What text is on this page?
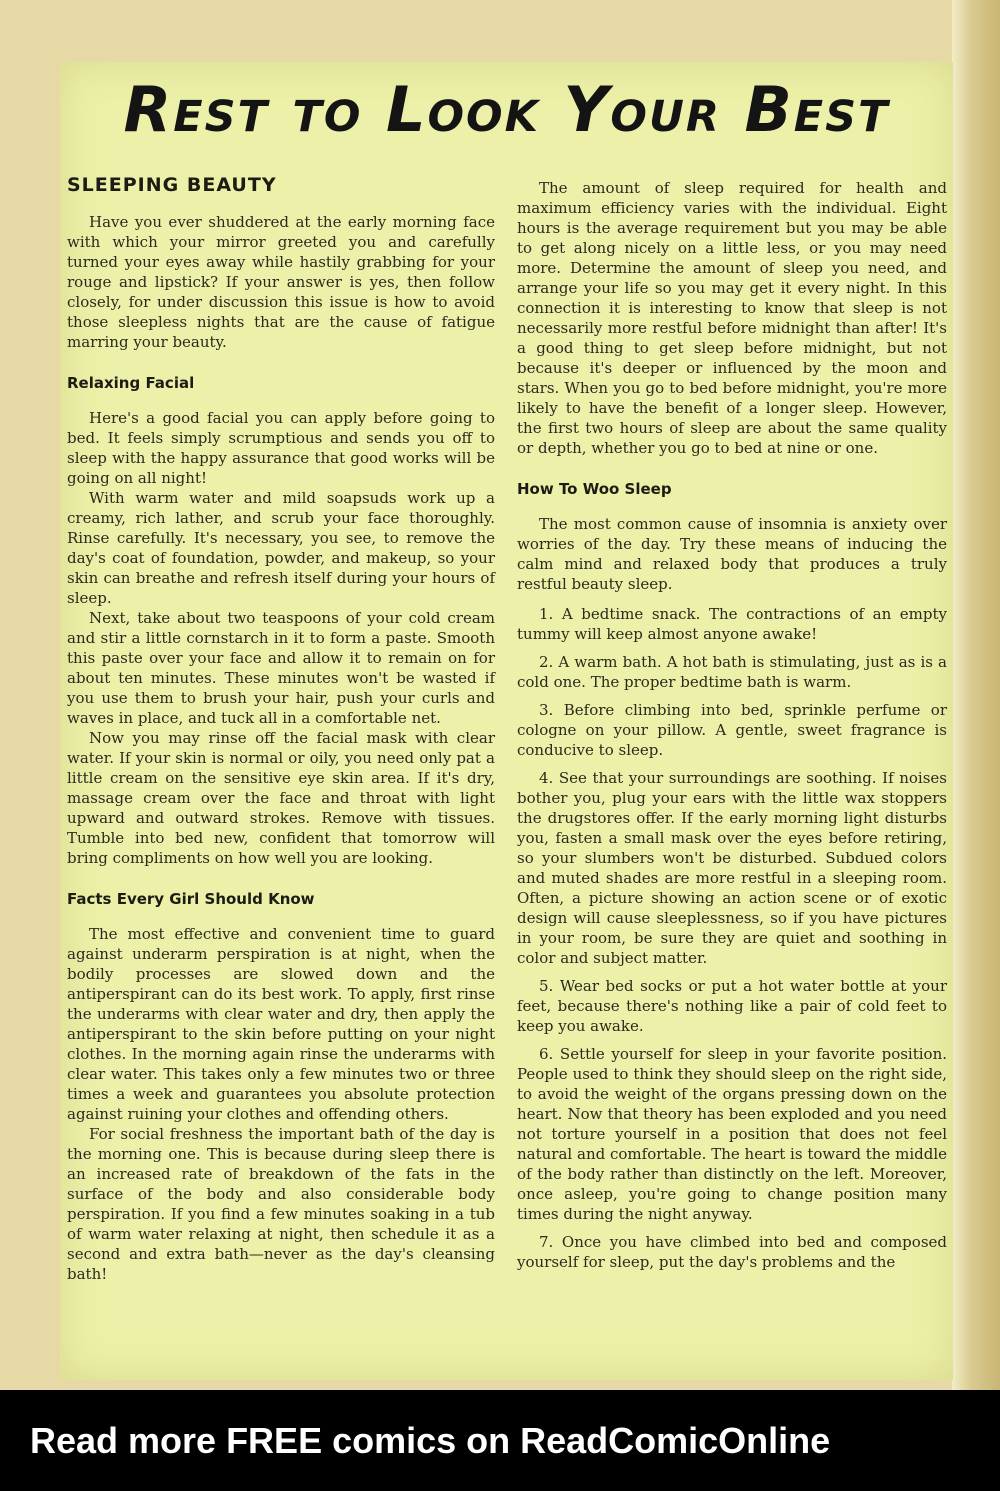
Rest to Look Your Best
SLEEPING BEAUTY

Have you ever shuddered at the early morning face with which your mirror greeted you and carefully turned your eyes away while hastily grabbing for your rouge and lipstick? If your answer is yes, then follow closely, for under discussion this issue is how to avoid those sleepless nights that are the cause of fatigue marring your beauty.

Relaxing Facial

Here's a good facial you can apply before going to bed. It feels simply scrumptious and sends you off to sleep with the happy assurance that good works will be going on all night!

With warm water and mild soapsuds work up a creamy, rich lather, and scrub your face thoroughly. Rinse carefully. It's necessary, you see, to remove the day's coat of foundation, powder, and makeup, so your skin can breathe and refresh itself during your hours of sleep.

Next, take about two teaspoons of your cold cream and stir a little cornstarch in it to form a paste. Smooth this paste over your face and allow it to remain on for about ten minutes. These minutes won't be wasted if you use them to brush your hair, push your curls and waves in place, and tuck all in a comfortable net.

Now you may rinse off the facial mask with clear water. If your skin is normal or oily, you need only pat a little cream on the sensitive eye skin area. If it's dry, massage cream over the face and throat with light upward and outward strokes. Remove with tissues. Tumble into bed new, confident that tomorrow will bring compliments on how well you are looking.

Facts Every Girl Should Know

The most effective and convenient time to guard against underarm perspiration is at night, when the bodily processes are slowed down and the antiperspirant can do its best work. To apply, first rinse the underarms with clear water and dry, then apply the antiperspirant to the skin before putting on your night clothes. In the morning again rinse the underarms with clear water. This takes only a few minutes two or three times a week and guarantees you absolute protection against ruining your clothes and offending others.

For social freshness the important bath of the day is the morning one. This is because during sleep there is an increased rate of breakdown of the fats in the surface of the body and also considerable body perspiration. If you find a few minutes soaking in a tub of warm water relaxing at night, then schedule it as a second and extra bath—never as the day's cleansing bath!

The amount of sleep required for health and maximum efficiency varies with the individual. Eight hours is the average requirement but you may be able to get along nicely on a little less, or you may need more. Determine the amount of sleep you need, and arrange your life so you may get it every night. In this connection it is interesting to know that sleep is not necessarily more restful before midnight than after! It's a good thing to get sleep before midnight, but not because it's deeper or influenced by the moon and stars. When you go to bed before midnight, you're more likely to have the benefit of a longer sleep. However, the first two hours of sleep are about the same quality or depth, whether you go to bed at nine or one.

How To Woo Sleep

The most common cause of insomnia is anxiety over worries of the day. Try these means of inducing the calm mind and relaxed body that produces a truly restful beauty sleep.

1. A bedtime snack. The contractions of an empty tummy will keep almost anyone awake!

2. A warm bath. A hot bath is stimulating, just as is a cold one. The proper bedtime bath is warm.

3. Before climbing into bed, sprinkle perfume or cologne on your pillow. A gentle, sweet fragrance is conducive to sleep.

4. See that your surroundings are soothing. If noises bother you, plug your ears with the little wax stoppers the drugstores offer. If the early morning light disturbs you, fasten a small mask over the eyes before retiring, so your slumbers won't be disturbed. Subdued colors and muted shades are more restful in a sleeping room. Often, a picture showing an action scene or of exotic design will cause sleeplessness, so if you have pictures in your room, be sure they are quiet and soothing in color and subject matter.

5. Wear bed socks or put a hot water bottle at your feet, because there's nothing like a pair of cold feet to keep you awake.

6. Settle yourself for sleep in your favorite position. People used to think they should sleep on the right side, to avoid the weight of the organs pressing down on the heart. Now that theory has been exploded and you need not torture yourself in a position that does not feel natural and comfortable. The heart is toward the middle of the body rather than distinctly on the left. Moreover, once asleep, you're going to change position many times during the night anyway.

7. Once you have climbed into bed and composed yourself for sleep, put the day's problems and the

Read more FREE comics on ReadComicOnline
